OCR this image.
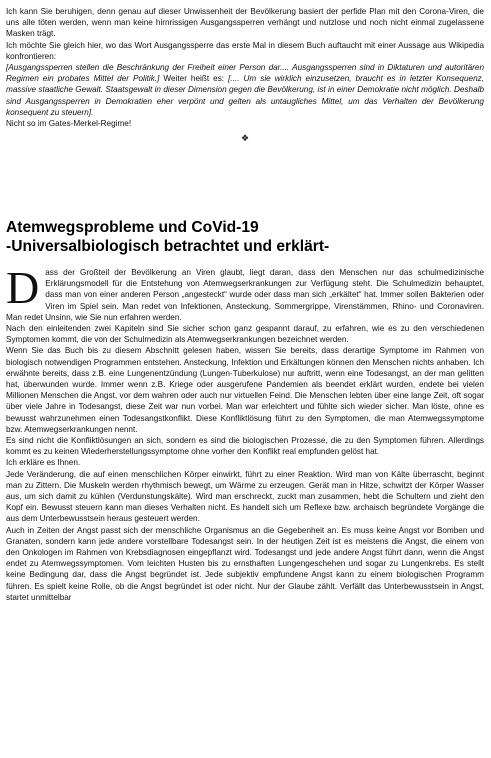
Ich kann Sie beruhigen, denn genau auf dieser Unwissenheit der Bevölkerung basiert der perfide Plan mit den Corona-Viren, die uns alle töten werden, wenn man keine hirnrissigen Ausgangssperren verhängt und nutzlose und noch nicht einmal zugelassene Masken trägt.

Ich möchte Sie gleich hier, wo das Wort Ausgangssperre das erste Mal in diesem Buch auftaucht mit einer Aussage aus Wikipedia konfrontieren:

[Ausgangssperren stellen die Beschränkung der Freiheit einer Person dar.... Ausgangssperren sind in Diktaturen und autoritären Regimen ein probates Mittel der Politik.] Weiter heißt es: [.... Um sie wirklich einzusetzen, braucht es in letzter Konsequenz, massive staatliche Gewalt. Staatsgewalt in dieser Dimension gegen die Bevölkerung, ist in einer Demokratie nicht möglich. Deshalb sind Ausgangssperren in Demokratien eher verpönt und gelten als untaugliches Mittel, um das Verhalten der Bevölkerung konsequent zu steuern].

Nicht so im Gates-Merkel-Regime!

❖
Atemwegsprobleme und CoVid-19
-Universalbiologisch betrachtet und erklärt-

Dass der Großteil der Bevölkerung an Viren glaubt, liegt daran, dass den Menschen nur das schulmedizinische Erklärungsmodell für die Entstehung von Atemwegserkrankungen zur Verfügung steht. Die Schulmedizin behauptet, dass man von einer anderen Person „angesteckt“ wurde oder dass man sich „erkältet“ hat. Immer sollen Bakterien oder Viren im Spiel sein. Man redet von Infektionen, Ansteckung, Sommergrippe, Virenstämmen, Rhino- und Coronaviren. Man redet Unsinn, wie Sie nun erfahren werden.

Nach den einleitenden zwei Kapiteln sind Sie sicher schon ganz gespannt darauf, zu erfahren, wie es zu den verschiedenen Symptomen kommt, die von der Schulmedizin als Atemwegserkrankungen bezeichnet werden.

Wenn Sie das Buch bis zu diesem Abschnitt gelesen haben, wissen Sie bereits, dass derartige Symptome im Rahmen von biologisch notwendigen Programmen entstehen. Ansteckung, Infektion und Erkältungen können den Menschen nichts anhaben. Ich erwähnte bereits, dass z.B. eine Lungenentzündung (Lungen-Tuberkulose) nur auftritt, wenn eine Todesangst, an der man gelitten hat, überwunden wurde. Immer wenn z.B. Kriege oder ausgerufene Pandemien als beendet erklärt wurden, endete bei vielen Millionen Menschen die Angst, vor dem wahren oder auch nur virtuellen Feind. Die Menschen lebten über eine lange Zeit, oft sogar über viele Jahre in Todesangst, diese Zeit war nun vorbei. Man war erleichtert und fühlte sich wieder sicher. Man löste, ohne es bewusst wahrzunehmen einen Todesangstkonflikt. Diese Konfliktlösung führt zu den Symptomen, die man Atemwegssymptome bzw. Atemwegserkrankungen nennt.

Es sind nicht die Konfliktlösungen an sich, sondern es sind die biologischen Prozesse, die zu den Symptomen führen. Allerdings kommt es zu keinen Wiederherstellungssymptome ohne vorher den Konflikt real empfunden gelöst hat.

Ich erkläre es Ihnen.

Jede Veränderung, die auf einen menschlichen Körper einwirkt, führt zu einer Reaktion. Wird man von Kälte überrascht, beginnt man zu Zittern. Die Muskeln werden rhythmisch bewegt, um Wärme zu erzeugen. Gerät man in Hitze, schwitzt der Körper Wasser aus, um sich damit zu kühlen (Verdunstungskälte). Wird man erschreckt, zuckt man zusammen, hebt die Schultern und zieht den Kopf ein. Bewusst steuern kann man dieses Verhalten nicht. Es handelt sich um Reflexe bzw. archaisch begründete Vorgänge die aus dem Unterbewusstsein heraus gesteuert werden.

Auch in Zeiten der Angst passt sich der menschliche Organismus an die Gegebenheit an. Es muss keine Angst vor Bomben und Granaten, sondern kann jede andere vorstellbare Todesangst sein. In der heutigen Zeit ist es meistens die Angst, die einem von den Onkologen im Rahmen von Krebsdiagnosen eingepflanzt wird. Todesangst und jede andere Angst führt dann, wenn die Angst endet zu Atemwegssymptomen. Vom leichten Husten bis zu ernsthaften Lungengeschehen und sogar zu Lungenkrebs. Es stellt keine Bedingung dar, dass die Angst begründet ist. Jede subjektiv empfundene Angst kann zu einem biologischen Programm führen. Es spielt keine Rolle, ob die Angst begründet ist oder nicht. Nur der Glaube zählt. Verfällt das Unterbewusstsein in Angst, startet unmittelbar
